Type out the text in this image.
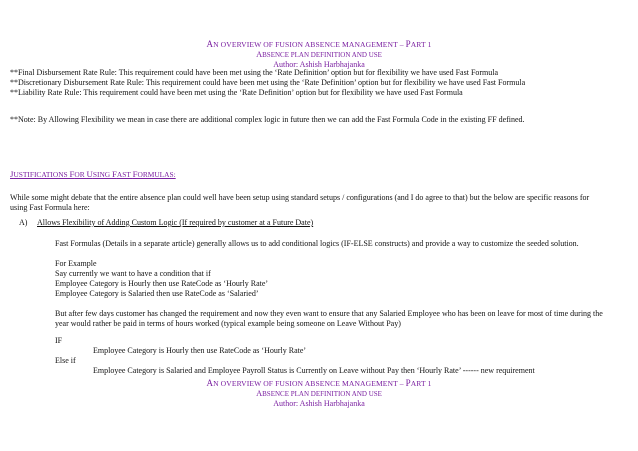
AN OVERVIEW OF FUSION ABSENCE MANAGEMENT – PART 1
ABSENCE PLAN DEFINITION AND USE
Author: Ashish Harbhajanka
**Final Disbursement Rate Rule: This requirement could have been met using the ‘Rate Definition’ option but for flexibility we have used Fast Formula
**Discretionary Disbursement Rate Rule: This requirement could have been met using the ‘Rate Definition’ option but for flexibility we have used Fast Formula
**Liability Rate Rule: This requirement could have been met using the ‘Rate Definition’ option but for flexibility we have used Fast Formula
**Note: By Allowing Flexibility we mean in case there are additional complex logic in future then we can add the Fast Formula Code in the existing FF defined.
JUSTIFICATIONS FOR USING FAST FORMULAS:
While some might debate that the entire absence plan could well have been setup using standard setups / configurations (and I do agree to that) but the below are specific reasons for using Fast Formula here:
A) Allows Flexibility of Adding Custom Logic (If required by customer at a Future Date)
Fast Formulas (Details in a separate article) generally allows us to add conditional logics (IF-ELSE constructs) and provide a way to customize the seeded solution.
For Example
Say currently we want to have a condition that if
Employee Category is Hourly then use RateCode as ‘Hourly Rate’
Employee Category is Salaried then use RateCode as ‘Salaried’
But after few days customer has changed the requirement and now they even want to ensure that any Salaried Employee who has been on leave for most of time during the year would rather be paid in terms of hours worked (typical example being someone on Leave Without Pay)
IF
Employee Category is Hourly then use RateCode as ‘Hourly Rate’
Else if
Employee Category is Salaried and Employee Payroll Status is Currently on Leave without Pay then ‘Hourly Rate’ ------ new requirement
AN OVERVIEW OF FUSION ABSENCE MANAGEMENT – PART 1
ABSENCE PLAN DEFINITION AND USE
Author: Ashish Harbhajanka
